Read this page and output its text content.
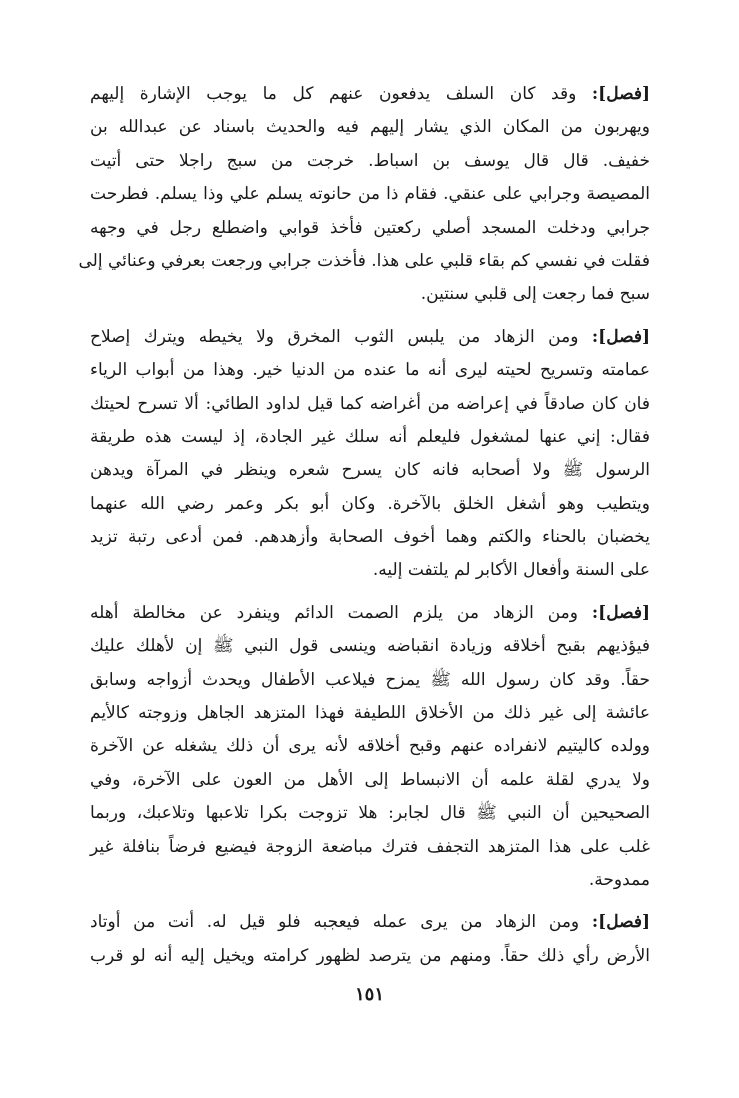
[فصل]: وقد كان السلف يدفعون عنهم كل ما يوجب الإشارة إليهم
ويهربون من المكان الذي يشار إليهم فيه والحديث باسناد عن عبدالله بن
خفيف. قال قال يوسف بن اسباط. خرجت من سبج راجلا حتى أتيت
المصيصة وجرابي على عنقي. فقام ذا من حانوته يسلم علي وذا يسلم. فطرحت
جرابي ودخلت المسجد أصلي ركعتين فأخذ قوابي واضطلع رجل في وجهه
فقلت في نفسي كم بقاء قلبي على هذا. فأخذت جرابي ورجعت بعرفي وعنائي إلى
سبح فما رجعت إلى قلبي سنتين.

[فصل]: ومن الزهاد من يلبس الثوب المخرق ولا يخيطه ويترك إصلاح
عمامته وتسريح لحيته ليرى أنه ما عنده من الدنيا خير. وهذا من أبواب الرياء
فان كان صادقاً في إعراضه من أغراضه كما قيل لداود الطائي: ألا تسرح لحيتك
فقال: إني عنها لمشغول فليعلم أنه سلك غير الجادة، إذ ليست هذه طريقة
الرسول ﷺ ولا أصحابه فانه كان يسرح شعره وينظر في المرآة ويدهن
ويتطيب وهو أشغل الخلق بالآخرة. وكان أبو بكر وعمر رضي الله عنهما
يخضبان بالحناء والكتم وهما أخوف الصحابة وأزهدهم. فمن أدعى رتبة تزيد
على السنة وأفعال الأكابر لم يلتفت إليه.

[فصل]: ومن الزهاد من يلزم الصمت الدائم وينفرد عن مخالطة أهله
فيؤذيهم بقبح أخلاقه وزيادة انقباضه وينسى قول النبي ﷺ إن لأهلك عليك
حقاً. وقد كان رسول الله ﷺ يمزح فيلاعب الأطفال ويحدث أزواجه وسابق
عائشة إلى غير ذلك من الأخلاق اللطيفة فهذا المتزهد الجاهل وزوجته كالأيم
وولده كاليتيم لانفراده عنهم وقبح أخلاقه لأنه يرى أن ذلك يشغله عن الآخرة
ولا يدري لقلة علمه أن الانبساط إلى الأهل من العون على الآخرة، وفي
الصحيحين أن النبي ﷺ قال لجابر: هلا تزوجت بكرا تلاعبها وتلاعبك، وربما
غلب على هذا المتزهد التجفف فترك مباضعة الزوجة فيضيع فرضاً بنافلة غير
ممدوحة.

[فصل]: ومن الزهاد من يرى عمله فيعجبه فلو قيل له. أنت من أوتاد
الأرض رأي ذلك حقاً. ومنهم من يترصد لظهور كرامته ويخيل إليه أنه لو قرب

١٥١
